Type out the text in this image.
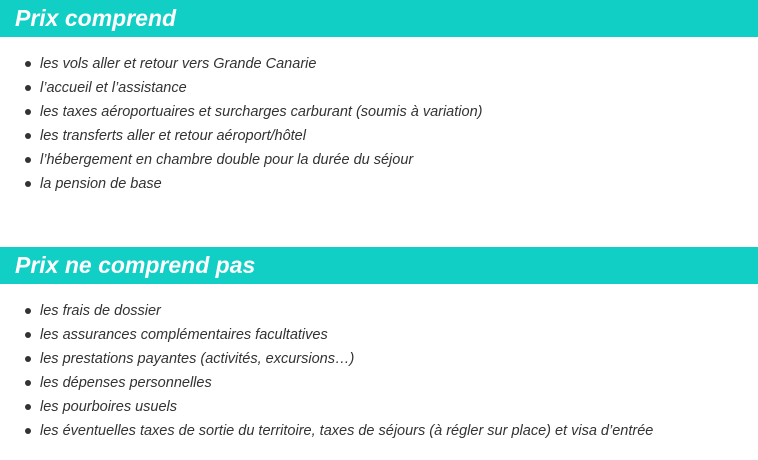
Prix comprend
les vols aller et retour vers Grande Canarie
l’accueil et l’assistance
les taxes aéroportuaires et surcharges carburant (soumis à variation)
les transferts aller et retour aéroport/hôtel
l’hébergement en chambre double pour la durée du séjour
la pension de base
Prix ne comprend pas
les frais de dossier
les assurances complémentaires facultatives
les prestations payantes (activités, excursions…)
les dépenses personnelles
les pourboires usuels
les éventuelles taxes de sortie du territoire, taxes de séjours (à régler sur place) et visa d’entrée
